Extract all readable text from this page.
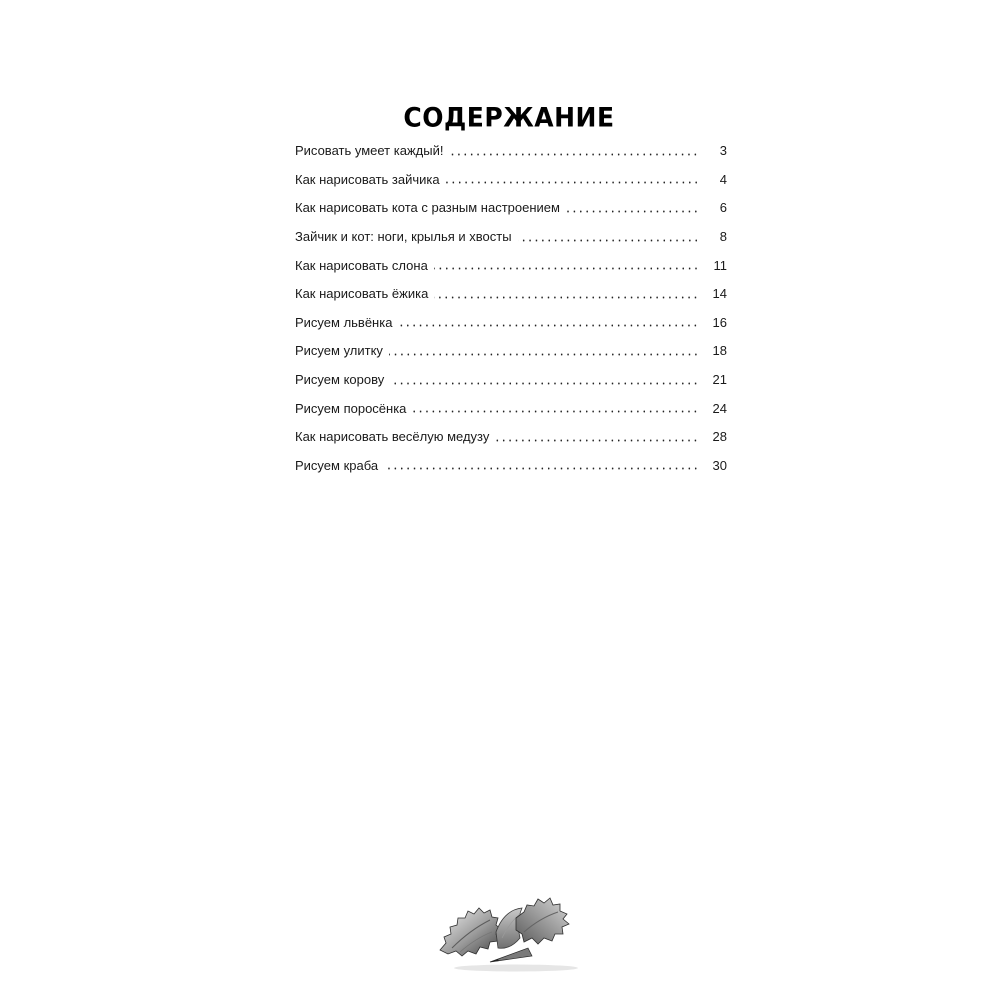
СОДЕРЖАНИЕ
Рисовать умеет каждый!	3
Как нарисовать зайчика	4
Как нарисовать кота с разным настроением	6
Зайчик и кот: ноги, крылья и хвосты	8
Как нарисовать слона	11
Как нарисовать ёжика	14
Рисуем львёнка	16
Рисуем улитку	18
Рисуем корову	21
Рисуем поросёнка	24
Как нарисовать весёлую медузу	28
Рисуем краба	30
